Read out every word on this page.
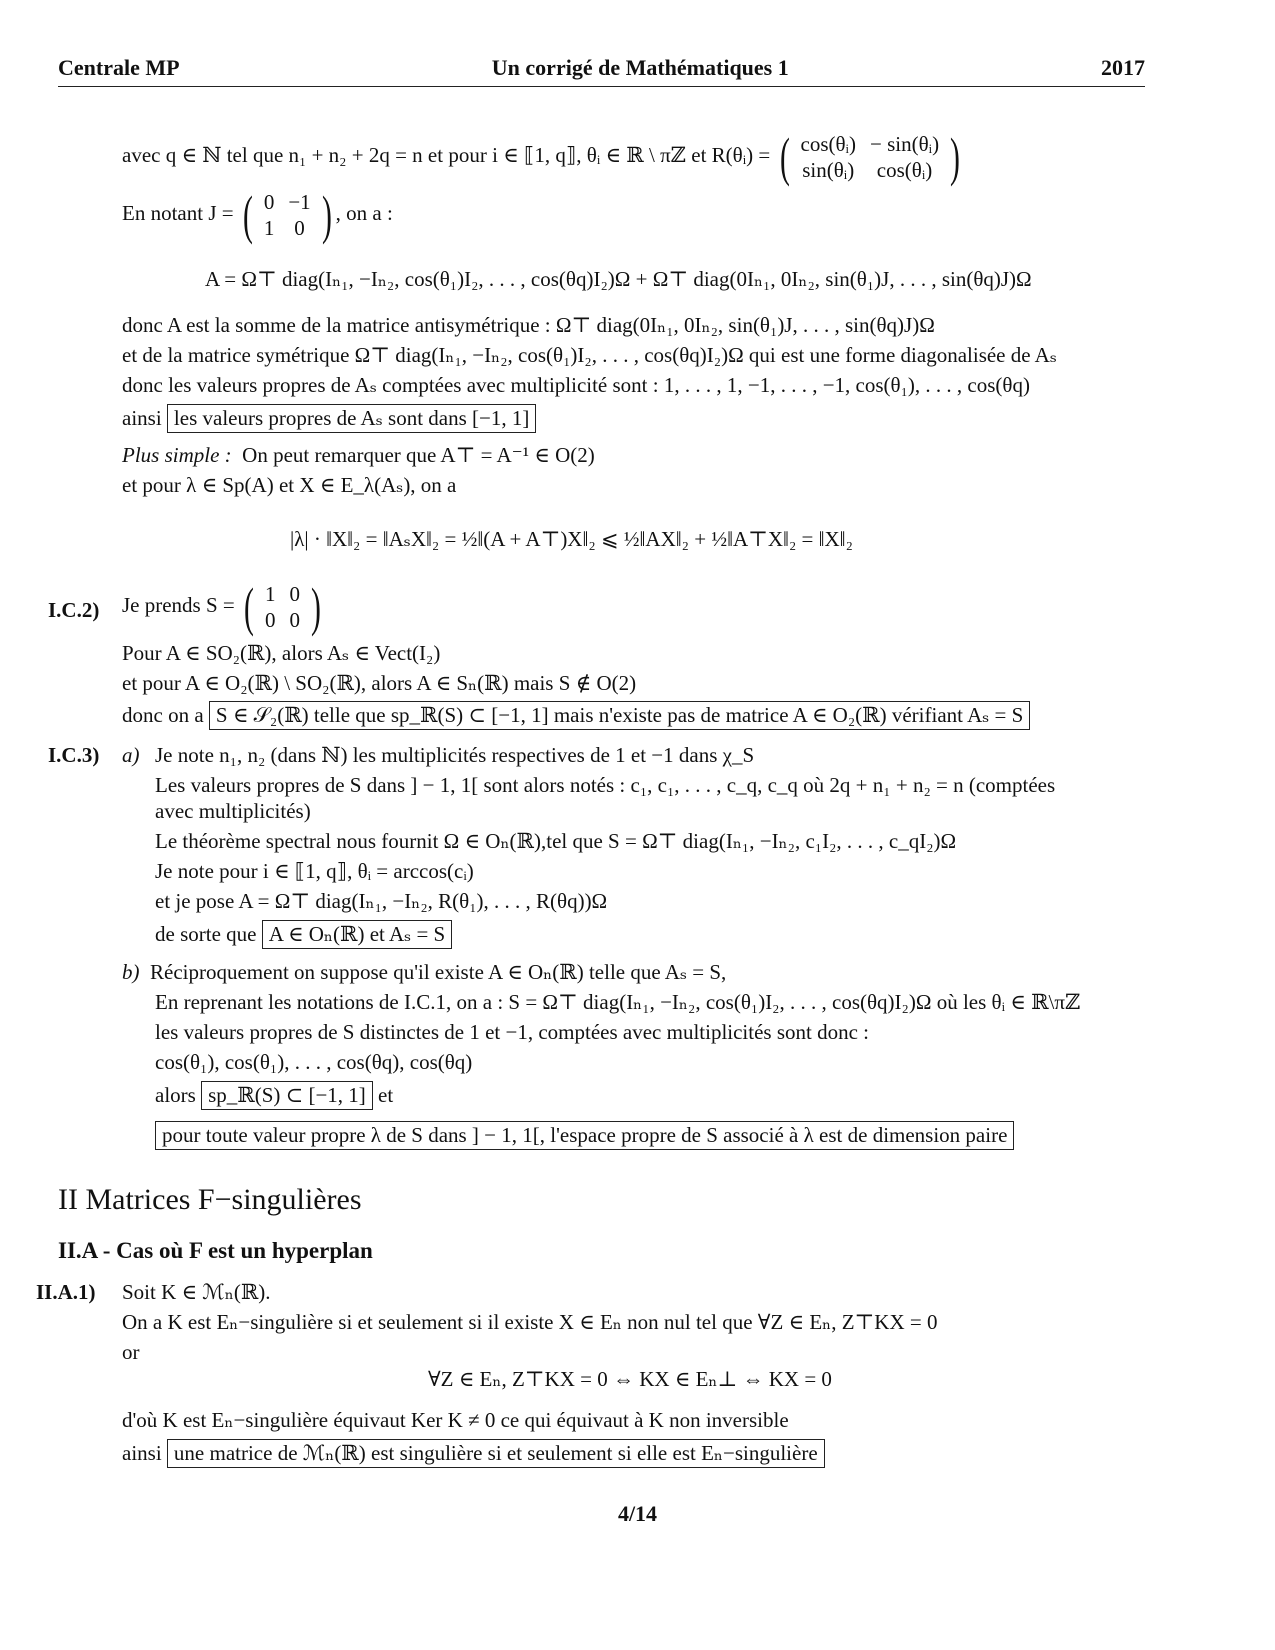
Centrale MP	Un corrigé de Mathématiques 1	2017
avec q ∈ ℕ tel que n₁ + n₂ + 2q = n et pour i ∈ ⟦1, q⟧, θᵢ ∈ ℝ \ πℤ et R(θᵢ) = ( cos(θᵢ)	− sin(θᵢ)
sin(θᵢ)	cos(θᵢ) )
En notant J = ( 0	−1
1	0 ) , on a :
A = Ω⊤ diag(Iₙ₁, −Iₙ₂, cos(θ₁)I₂, . . . , cos(θq)I₂)Ω + Ω⊤ diag(0Iₙ₁, 0Iₙ₂, sin(θ₁)J, . . . , sin(θq)J)Ω
donc A est la somme de la matrice antisymétrique : Ω⊤ diag(0Iₙ₁, 0Iₙ₂, sin(θ₁)J, . . . , sin(θq)J)Ω
et de la matrice symétrique Ω⊤ diag(Iₙ₁, −Iₙ₂, cos(θ₁)I₂, . . . , cos(θq)I₂)Ω qui est une forme diagonalisée de Aₛ
donc les valeurs propres de Aₛ comptées avec multiplicité sont : 1, . . . , 1, −1, . . . , −1, cos(θ₁), . . . , cos(θq)
ainsi les valeurs propres de Aₛ sont dans [−1, 1]
Plus simple : On peut remarquer que A⊤ = A⁻¹ ∈ O(2)
et pour λ ∈ Sp(A) et X ∈ E_λ(Aₛ), on a
|λ| · ‖X‖₂ = ‖AₛX‖₂ = ½‖(A + A⊤)X‖₂ ⩽ ½‖AX‖₂ + ½‖A⊤X‖₂ = ‖X‖₂
I.C.2) Je prends S = ( 1	0
0	0 )
Pour A ∈ SO₂(ℝ), alors Aₛ ∈ Vect(I₂)
et pour A ∈ O₂(ℝ) \ SO₂(ℝ), alors A ∈ Sₙ(ℝ) mais S ∉ O(2)
donc on a S ∈ 𝒮₂(ℝ) telle que sp_ℝ(S) ⊂ [−1, 1] mais n'existe pas de matrice A ∈ O₂(ℝ) vérifiant Aₛ = S
I.C.3) a) Je note n₁, n₂ (dans ℕ) les multiplicités respectives de 1 et −1 dans χ_S
Les valeurs propres de S dans ] − 1, 1[ sont alors notés : c₁, c₁, . . . , c_q, c_q où 2q + n₁ + n₂ = n (comptées
avec multiplicités)
Le théorème spectral nous fournit Ω ∈ Oₙ(ℝ),tel que S = Ω⊤ diag(Iₙ₁, −Iₙ₂, c₁I₂, . . . , c_qI₂)Ω
Je note pour i ∈ ⟦1, q⟧, θᵢ = arccos(cᵢ)
et je pose A = Ω⊤ diag(Iₙ₁, −Iₙ₂, R(θ₁), . . . , R(θq))Ω
de sorte que A ∈ Oₙ(ℝ) et Aₛ = S
b) Réciproquement on suppose qu'il existe A ∈ Oₙ(ℝ) telle que Aₛ = S,
En reprenant les notations de I.C.1, on a : S = Ω⊤ diag(Iₙ₁, −Iₙ₂, cos(θ₁)I₂, . . . , cos(θq)I₂)Ω où les θᵢ ∈ ℝ\πℤ
les valeurs propres de S distinctes de 1 et −1, comptées avec multiplicités sont donc :
cos(θ₁), cos(θ₁), . . . , cos(θq), cos(θq)
alors sp_ℝ(S) ⊂ [−1, 1] et
pour toute valeur propre λ de S dans ] − 1, 1[, l'espace propre de S associé à λ est de dimension paire
II Matrices F−singulières
II.A - Cas où F est un hyperplan
II.A.1) Soit K ∈ ℳₙ(ℝ).
On a K est Eₙ−singulière si et seulement si il existe X ∈ Eₙ non nul tel que ∀Z ∈ Eₙ, Z⊤KX = 0
or
∀Z ∈ Eₙ, Z⊤KX = 0 ⇔ KX ∈ Eₙ⊥ ⇔ KX = 0
d'où K est Eₙ−singulière équivaut Ker K ≠ 0 ce qui équivaut à K non inversible
ainsi une matrice de ℳₙ(ℝ) est singulière si et seulement si elle est Eₙ−singulière
4/14
